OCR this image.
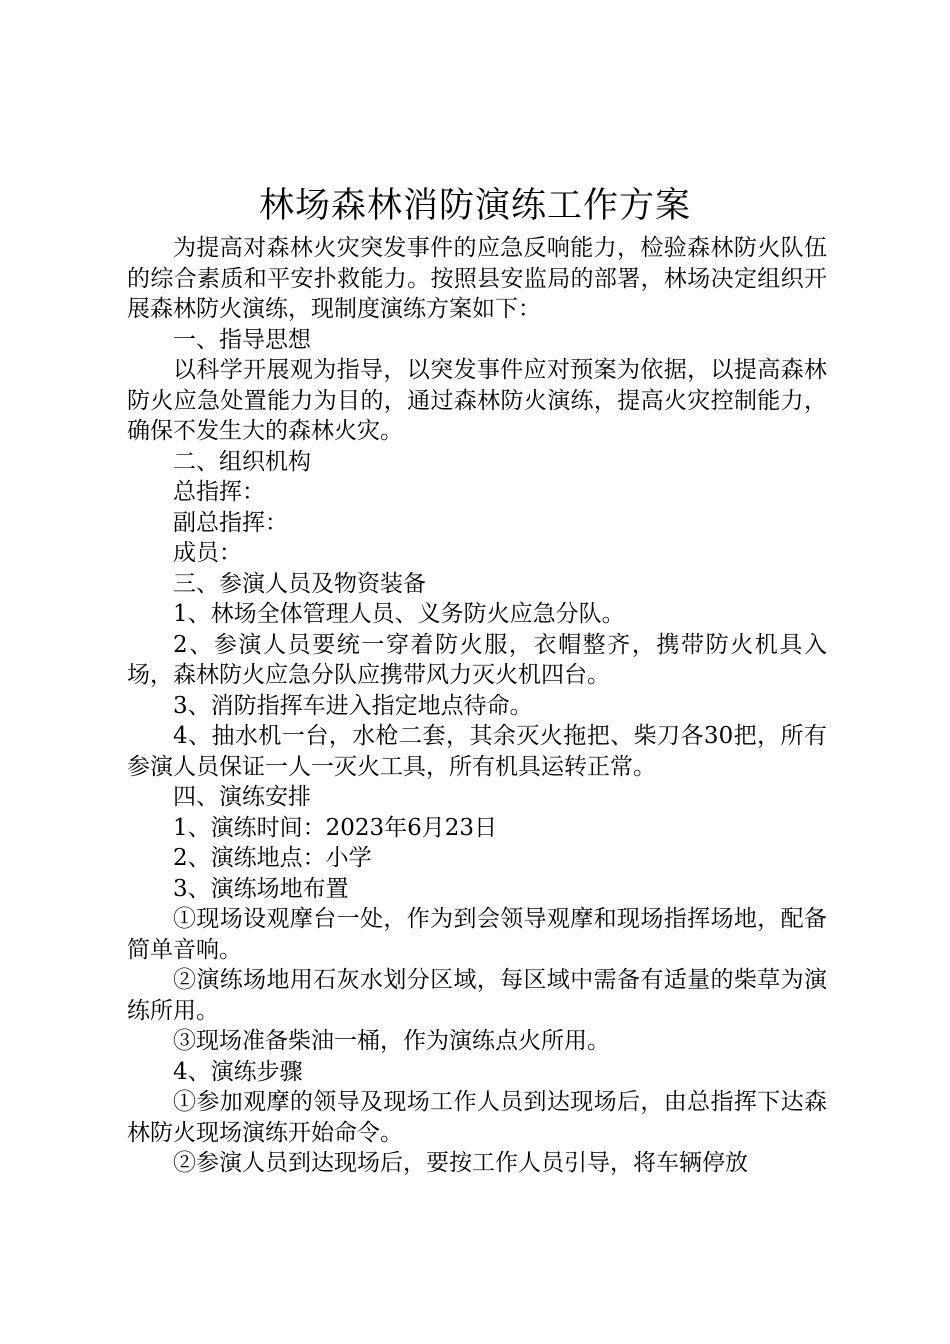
林场森林消防演练工作方案

为提高对森林火灾突发事件的应急反响能力，检验森林防火队伍的综合素质和平安扑救能力。按照县安监局的部署，林场决定组织开展森林防火演练，现制度演练方案如下：

一、指导思想

以科学开展观为指导，以突发事件应对预案为依据，以提高森林防火应急处置能力为目的，通过森林防火演练，提高火灾控制能力，确保不发生大的森林火灾。

二、组织机构

总指挥：

副总指挥：

成员：

三、参演人员及物资装备

1、林场全体管理人员、义务防火应急分队。

2、参演人员要统一穿着防火服，衣帽整齐，携带防火机具入场，森林防火应急分队应携带风力灭火机四台。

3、消防指挥车进入指定地点待命。

4、抽水机一台，水枪二套，其余灭火拖把、柴刀各30把，所有参演人员保证一人一灭火工具，所有机具运转正常。

四、演练安排

1、演练时间：2023年6月23日

2、演练地点：小学

3、演练场地布置

①现场设观摩台一处，作为到会领导观摩和现场指挥场地，配备简单音响。

②演练场地用石灰水划分区域，每区域中需备有适量的柴草为演练所用。

③现场准备柴油一桶，作为演练点火所用。

4、演练步骤

①参加观摩的领导及现场工作人员到达现场后，由总指挥下达森林防火现场演练开始命令。

②参演人员到达现场后，要按工作人员引导，将车辆停放
